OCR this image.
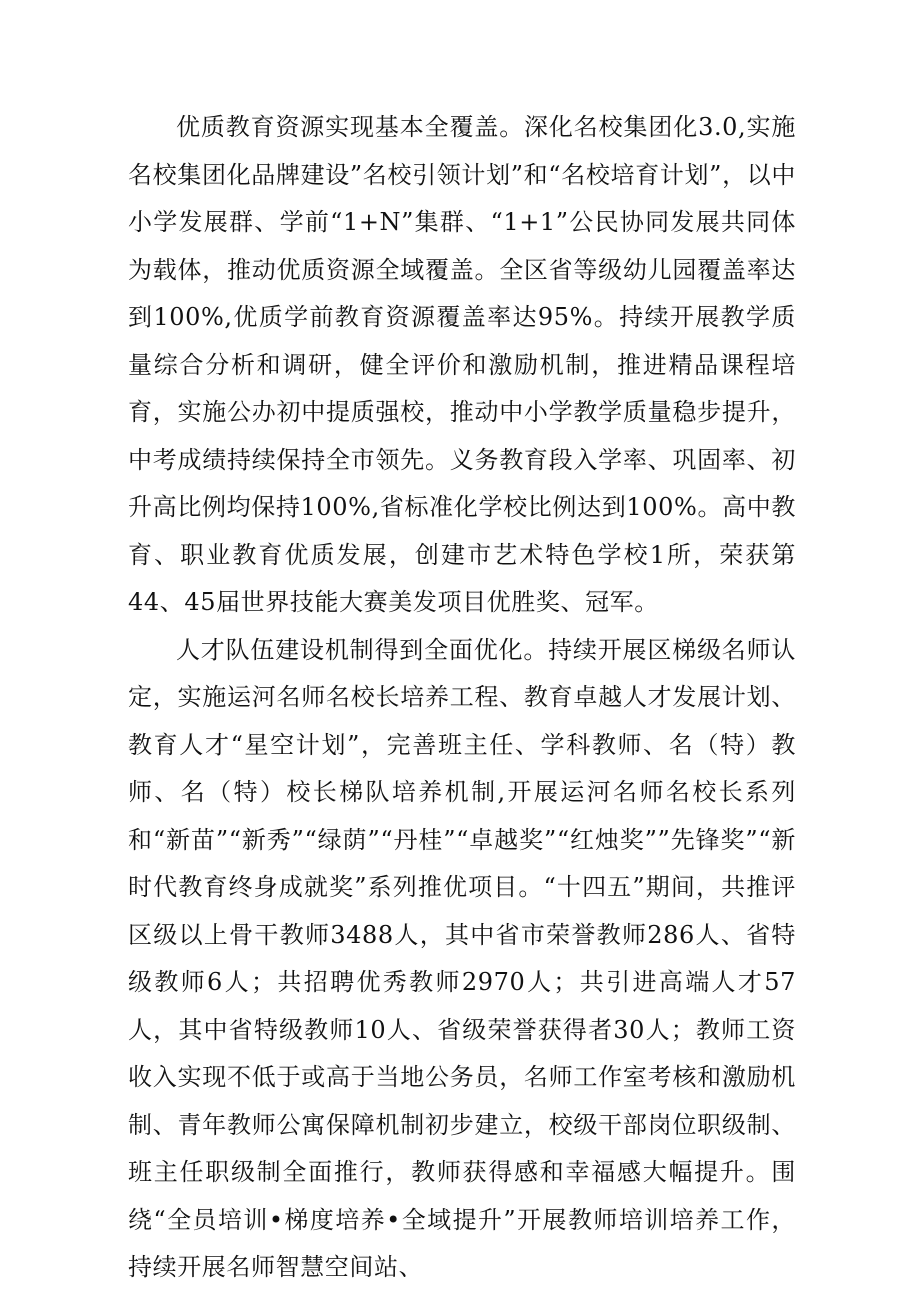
优质教育资源实现基本全覆盖。深化名校集团化3.0,实施名校集团化品牌建设”名校引领计划”和“名校培育计划”，以中小学发展群、学前“1+N”集群、“1+1”公民协同发展共同体为载体，推动优质资源全域覆盖。全区省等级幼儿园覆盖率达到100%,优质学前教育资源覆盖率达95%。持续开展教学质量综合分析和调研，健全评价和激励机制，推进精品课程培育，实施公办初中提质强校，推动中小学教学质量稳步提升，中考成绩持续保持全市领先。义务教育段入学率、巩固率、初升高比例均保持100%,省标准化学校比例达到100%。高中教育、职业教育优质发展，创建市艺术特色学校1所，荣获第44、45届世界技能大赛美发项目优胜奖、冠军。

人才队伍建设机制得到全面优化。持续开展区梯级名师认定，实施运河名师名校长培养工程、教育卓越人才发展计划、教育人才“星空计划”，完善班主任、学科教师、名（特）教师、名（特）校长梯队培养机制,开展运河名师名校长系列和“新苗”“新秀”“绿荫”“丹桂”“卓越奖”“红烛奖””先锋奖”“新时代教育终身成就奖”系列推优项目。“十四五”期间，共推评区级以上骨干教师3488人，其中省市荣誉教师286人、省特级教师6人；共招聘优秀教师2970人；共引进高端人才57人，其中省特级教师10人、省级荣誉获得者30人；教师工资收入实现不低于或高于当地公务员，名师工作室考核和激励机制、青年教师公寓保障机制初步建立，校级干部岗位职级制、班主任职级制全面推行，教师获得感和幸福感大幅提升。围绕“全员培训•梯度培养•全域提升”开展教师培训培养工作，持续开展名师智慧空间站、
